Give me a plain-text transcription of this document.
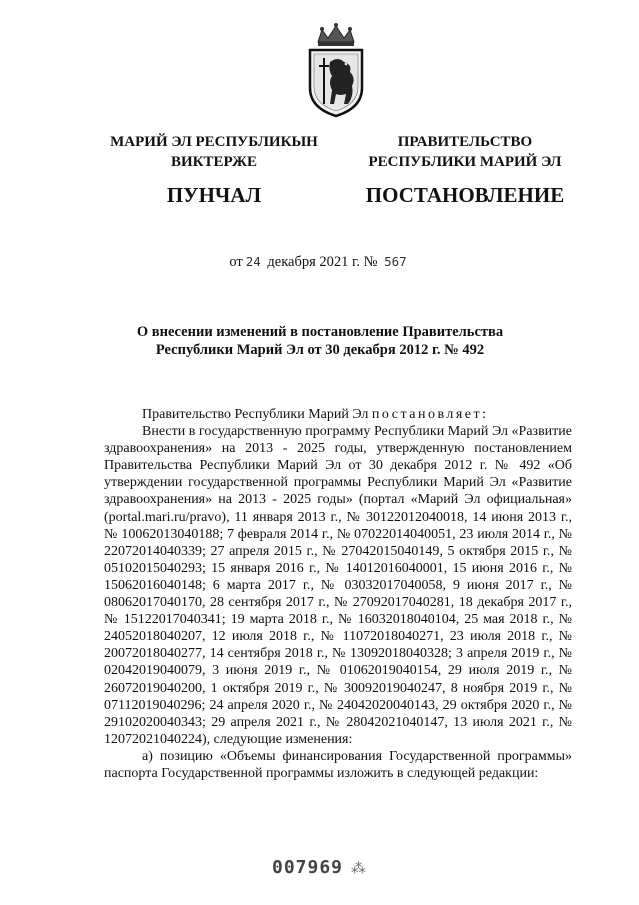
МАРИЙ ЭЛ РЕСПУБЛИКЫН
ВИКТЕРЖЕ
ПУНЧАЛ
ПРАВИТЕЛЬСТВО
РЕСПУБЛИКИ МАРИЙ ЭЛ
ПОСТАНОВЛЕНИЕ
от 24 декабря 2021 г. № 567
О внесении изменений в постановление Правительства
Республики Марий Эл от 30 декабря 2012 г. № 492

Правительство Республики Марий Эл постановляет:

Внести в государственную программу Республики Марий Эл «Развитие здравоохранения» на 2013 - 2025 годы, утвержденную постановлением Правительства Республики Марий Эл от 30 декабря 2012 г. № 492 «Об утверждении государственной программы Республики Марий Эл «Развитие здравоохранения» на 2013 - 2025 годы» (портал «Марий Эл официальная» (portal.mari.ru/pravo), 11 января 2013 г., № 30122012040018, 14 июня 2013 г., № 10062013040188; 7 февраля 2014 г., № 07022014040051, 23 июля 2014 г., № 22072014040339; 27 апреля 2015 г., № 27042015040149, 5 октября 2015 г., № 05102015040293; 15 января 2016 г., № 14012016040001, 15 июня 2016 г., № 15062016040148; 6 марта 2017 г., № 03032017040058, 9 июня 2017 г., № 08062017040170, 28 сентября 2017 г., № 27092017040281, 18 декабря 2017 г., № 15122017040341; 19 марта 2018 г., № 16032018040104, 25 мая 2018 г., № 24052018040207, 12 июля 2018 г., № 11072018040271, 23 июля 2018 г., № 20072018040277, 14 сентября 2018 г., № 13092018040328; 3 апреля 2019 г., № 02042019040079, 3 июня 2019 г., № 01062019040154, 29 июля 2019 г., № 26072019040200, 1 октября 2019 г., № 30092019040247, 8 ноября 2019 г., № 07112019040296; 24 апреля 2020 г., № 24042020040143, 29 октября 2020 г., № 29102020040343; 29 апреля 2021 г., № 28042021040147, 13 июля 2021 г., № 12072021040224), следующие изменения:

а) позицию «Объемы финансирования Государственной программы» паспорта Государственной программы изложить в следующей редакции:

007969 ⁂
